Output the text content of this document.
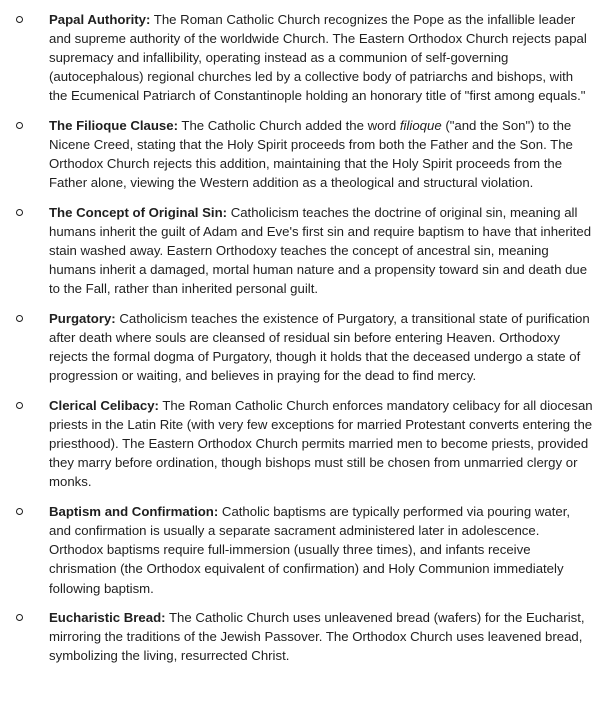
Papal Authority: The Roman Catholic Church recognizes the Pope as the infallible leader and supreme authority of the worldwide Church. The Eastern Orthodox Church rejects papal supremacy and infallibility, operating instead as a communion of self-governing (autocephalous) regional churches led by a collective body of patriarchs and bishops, with the Ecumenical Patriarch of Constantinople holding an honorary title of "first among equals."
The Filioque Clause: The Catholic Church added the word filioque ("and the Son") to the Nicene Creed, stating that the Holy Spirit proceeds from both the Father and the Son. The Orthodox Church rejects this addition, maintaining that the Holy Spirit proceeds from the Father alone, viewing the Western addition as a theological and structural violation.
The Concept of Original Sin: Catholicism teaches the doctrine of original sin, meaning all humans inherit the guilt of Adam and Eve's first sin and require baptism to have that inherited stain washed away. Eastern Orthodoxy teaches the concept of ancestral sin, meaning humans inherit a damaged, mortal human nature and a propensity toward sin and death due to the Fall, rather than inherited personal guilt.
Purgatory: Catholicism teaches the existence of Purgatory, a transitional state of purification after death where souls are cleansed of residual sin before entering Heaven. Orthodoxy rejects the formal dogma of Purgatory, though it holds that the deceased undergo a state of progression or waiting, and believes in praying for the dead to find mercy.
Clerical Celibacy: The Roman Catholic Church enforces mandatory celibacy for all diocesan priests in the Latin Rite (with very few exceptions for married Protestant converts entering the priesthood). The Eastern Orthodox Church permits married men to become priests, provided they marry before ordination, though bishops must still be chosen from unmarried clergy or monks.
Baptism and Confirmation: Catholic baptisms are typically performed via pouring water, and confirmation is usually a separate sacrament administered later in adolescence. Orthodox baptisms require full-immersion (usually three times), and infants receive chrismation (the Orthodox equivalent of confirmation) and Holy Communion immediately following baptism.
Eucharistic Bread: The Catholic Church uses unleavened bread (wafers) for the Eucharist, mirroring the traditions of the Jewish Passover. The Orthodox Church uses leavened bread, symbolizing the living, resurrected Christ.
